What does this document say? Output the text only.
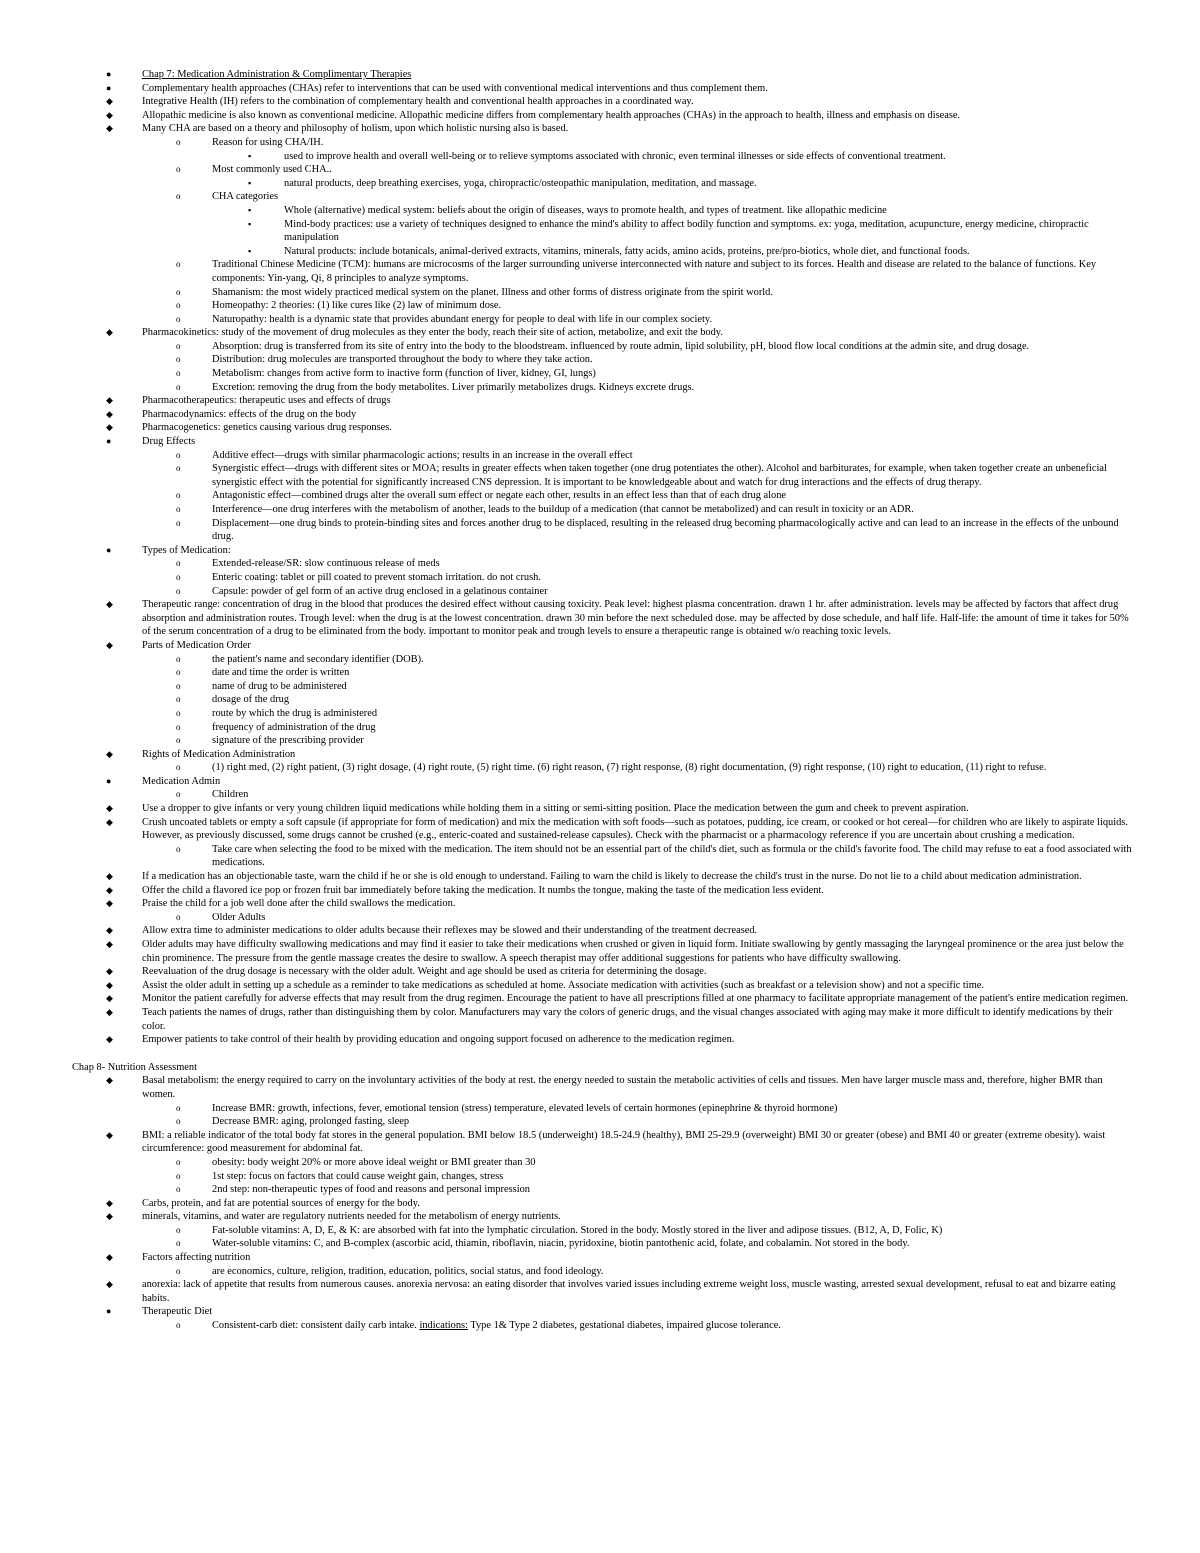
●	Chap 7: Medication Administration & Complimentary Therapies
●	Complementary health approaches (CHAs) refer to interventions that can be used with conventional medical interventions and thus complement them.
◆	Integrative Health (IH) refers to the combination of complementary health and conventional health approaches in a coordinated way.
◆	Allopathic medicine is also known as conventional medicine. Allopathic medicine differs from complementary health approaches (CHAs) in the approach to health, illness and emphasis on disease.
◆	Many CHA are based on a theory and philosophy of holism, upon which holistic nursing also is based.
o	Reason for using CHA/IH.
▪	used to improve health and overall well-being or to relieve symptoms associated with chronic, even terminal illnesses or side effects of conventional treatment.
o	Most commonly used CHA..
▪	natural products, deep breathing exercises, yoga, chiropractic/osteopathic manipulation, meditation, and massage.
o	CHA categories
▪	Whole (alternative) medical system: beliefs about the origin of diseases, ways to promote health, and types of treatment. like allopathic medicine
▪	Mind-body practices: use a variety of techniques designed to enhance the mind's ability to affect bodily function and symptoms. ex: yoga, meditation, acupuncture, energy medicine, chiropractic manipulation
▪	Natural products: include botanicals, animal-derived extracts, vitamins, minerals, fatty acids, amino acids, proteins, pre/pro-biotics, whole diet, and functional foods.
o	Traditional Chinese Medicine (TCM): humans are microcosms of the larger surrounding universe interconnected with nature and subject to its forces. Health and disease are related to the balance of functions. Key components: Yin-yang, Qi, 8 principles to analyze symptoms.
o	Shamanism: the most widely practiced medical system on the planet. Illness and other forms of distress originate from the spirit world.
o	Homeopathy: 2 theories: (1) like cures like (2) law of minimum dose.
o	Naturopathy: health is a dynamic state that provides abundant energy for people to deal with life in our complex society.
◆	Pharmacokinetics: study of the movement of drug molecules as they enter the body, reach their site of action, metabolize, and exit the body.
o	Absorption: drug is transferred from its site of entry into the body to the bloodstream. influenced by route admin, lipid solubility, pH, blood flow local conditions at the admin site, and drug dosage.
o	Distribution: drug molecules are transported throughout the body to where they take action.
o	Metabolism: changes from active form to inactive form (function of liver, kidney, GI, lungs)
o	Excretion: removing the drug from the body metabolites. Liver primarily metabolizes drugs. Kidneys excrete drugs.
◆	Pharmacotherapeutics: therapeutic uses and effects of drugs
◆	Pharmacodynamics: effects of the drug on the body
◆	Pharmacogenetics: genetics causing various drug responses.
●	Drug Effects
o	Additive effect—drugs with similar pharmacologic actions; results in an increase in the overall effect
o	Synergistic effect—drugs with different sites or MOA; results in greater effects when taken together (one drug potentiates the other). Alcohol and barbiturates, for example, when taken together create an unbeneficial synergistic effect with the potential for significantly increased CNS depression. It is important to be knowledgeable about and watch for drug interactions and the effects of drug therapy.
o	Antagonistic effect—combined drugs alter the overall sum effect or negate each other, results in an effect less than that of each drug alone
o	Interference—one drug interferes with the metabolism of another, leads to the buildup of a medication (that cannot be metabolized) and can result in toxicity or an ADR.
o	Displacement—one drug binds to protein-binding sites and forces another drug to be displaced, resulting in the released drug becoming pharmacologically active and can lead to an increase in the effects of the unbound drug.
●	Types of Medication:
o	Extended-release/SR: slow continuous release of meds
o	Enteric coating: tablet or pill coated to prevent stomach irritation. do not crush.
o	Capsule: powder of gel form of an active drug enclosed in a gelatinous container
◆	Therapeutic range: concentration of drug in the blood that produces the desired effect without causing toxicity. Peak level: highest plasma concentration. drawn 1 hr. after administration. levels may be affected by factors that affect drug absorption and administration routes. Trough level: when the drug is at the lowest concentration. drawn 30 min before the next scheduled dose. may be affected by dose schedule, and half life. Half-life: the amount of time it takes for 50% of the serum concentration of a drug to be eliminated from the body. important to monitor peak and trough levels to ensure a therapeutic range is obtained w/o reaching toxic levels.
◆	Parts of Medication Order
o	the patient's name and secondary identifier (DOB).
o	date and time the order is written
o	name of drug to be administered
o	dosage of the drug
o	route by which the drug is administered
o	frequency of administration of the drug
o	signature of the prescribing provider
◆	Rights of Medication Administration
o	(1) right med, (2) right patient, (3) right dosage, (4) right route, (5) right time. (6) right reason, (7) right response, (8) right documentation, (9) right response, (10) right to education, (11) right to refuse.
●	Medication Admin
o	Children
◆	Use a dropper to give infants or very young children liquid medications while holding them in a sitting or semi-sitting position. Place the medication between the gum and cheek to prevent aspiration.
◆	Crush uncoated tablets or empty a soft capsule (if appropriate for form of medication) and mix the medication with soft foods—such as potatoes, pudding, ice cream, or cooked or hot cereal—for children who are likely to aspirate liquids. However, as previously discussed, some drugs cannot be crushed (e.g., enteric-coated and sustained-release capsules). Check with the pharmacist or a pharmacology reference if you are uncertain about crushing a medication.
o	Take care when selecting the food to be mixed with the medication. The item should not be an essential part of the child's diet, such as formula or the child's favorite food. The child may refuse to eat a food associated with medications.
◆	If a medication has an objectionable taste, warn the child if he or she is old enough to understand. Failing to warn the child is likely to decrease the child's trust in the nurse. Do not lie to a child about medication administration.
◆	Offer the child a flavored ice pop or frozen fruit bar immediately before taking the medication. It numbs the tongue, making the taste of the medication less evident.
◆	Praise the child for a job well done after the child swallows the medication.
o	Older Adults
◆	Allow extra time to administer medications to older adults because their reflexes may be slowed and their understanding of the treatment decreased.
◆	Older adults may have difficulty swallowing medications and may find it easier to take their medications when crushed or given in liquid form. Initiate swallowing by gently massaging the laryngeal prominence or the area just below the chin prominence. The pressure from the gentle massage creates the desire to swallow. A speech therapist may offer additional suggestions for patients who have difficulty swallowing.
◆	Reevaluation of the drug dosage is necessary with the older adult. Weight and age should be used as criteria for determining the dosage.
◆	Assist the older adult in setting up a schedule as a reminder to take medications as scheduled at home. Associate medication with activities (such as breakfast or a television show) and not a specific time.
◆	Monitor the patient carefully for adverse effects that may result from the drug regimen. Encourage the patient to have all prescriptions filled at one pharmacy to facilitate appropriate management of the patient's entire medication regimen.
◆	Teach patients the names of drugs, rather than distinguishing them by color. Manufacturers may vary the colors of generic drugs, and the visual changes associated with aging may make it more difficult to identify medications by their color.
◆	Empower patients to take control of their health by providing education and ongoing support focused on adherence to the medication regimen.
Chap 8- Nutrition Assessment
◆	Basal metabolism: the energy required to carry on the involuntary activities of the body at rest. the energy needed to sustain the metabolic activities of cells and tissues. Men have larger muscle mass and, therefore, higher BMR than women.
o	Increase BMR: growth, infections, fever, emotional tension (stress) temperature, elevated levels of certain hormones (epinephrine & thyroid hormone)
o	Decrease BMR: aging, prolonged fasting, sleep
◆	BMI: a reliable indicator of the total body fat stores in the general population. BMI below 18.5 (underweight) 18.5-24.9 (healthy), BMI 25-29.9 (overweight) BMI 30 or greater (obese) and BMI 40 or greater (extreme obesity). waist circumference: good measurement for abdominal fat.
o	obesity: body weight 20% or more above ideal weight or BMI greater than 30
o	1st step: focus on factors that could cause weight gain, changes, stress
o	2nd step: non-therapeutic types of food and reasons and personal impression
◆	Carbs, protein, and fat are potential sources of energy for the body.
◆	minerals, vitamins, and water are regulatory nutrients needed for the metabolism of energy nutrients.
o	Fat-soluble vitamins: A, D, E, & K: are absorbed with fat into the lymphatic circulation. Stored in the body. Mostly stored in the liver and adipose tissues. (B12, A, D, Folic, K)
o	Water-soluble vitamins: C, and B-complex (ascorbic acid, thiamin, riboflavin, niacin, pyridoxine, biotin pantothenic acid, folate, and cobalamin. Not stored in the body.
◆	Factors affecting nutrition
o	are economics, culture, religion, tradition, education, politics, social status, and food ideology.
◆	anorexia: lack of appetite that results from numerous causes. anorexia nervosa: an eating disorder that involves varied issues including extreme weight loss, muscle wasting, arrested sexual development, refusal to eat and bizarre eating habits.
●	Therapeutic Diet
o	Consistent-carb diet: consistent daily carb intake. indications: Type 1& Type 2 diabetes, gestational diabetes, impaired glucose tolerance.
